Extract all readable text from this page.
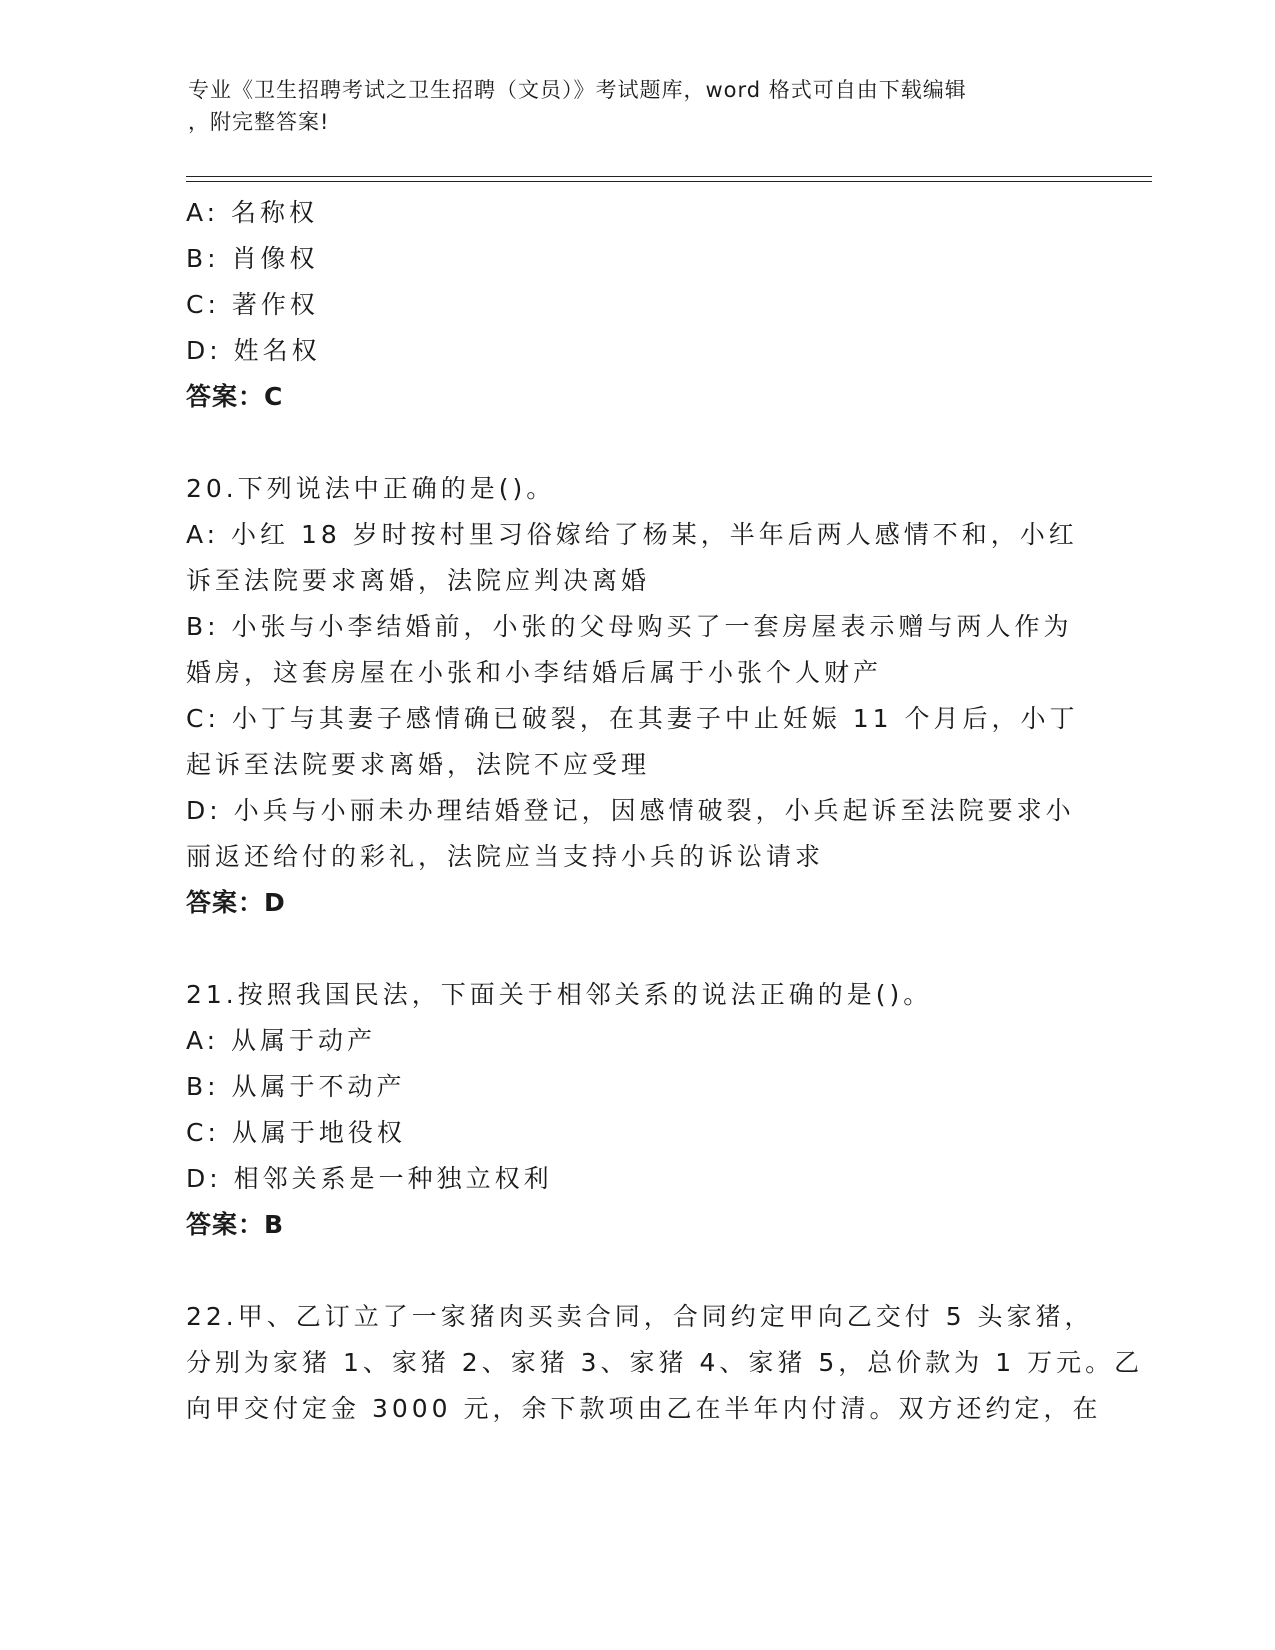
专业《卫生招聘考试之卫生招聘（文员）》考试题库，word 格式可自由下载编辑
，附完整答案!
A: 名称权
B: 肖像权
C: 著作权
D: 姓名权
答案：C
20.下列说法中正确的是()。
A: 小红 18 岁时按村里习俗嫁给了杨某，半年后两人感情不和，小红
诉至法院要求离婚，法院应判决离婚
B: 小张与小李结婚前，小张的父母购买了一套房屋表示赠与两人作为
婚房，这套房屋在小张和小李结婚后属于小张个人财产
C: 小丁与其妻子感情确已破裂，在其妻子中止妊娠 11 个月后，小丁
起诉至法院要求离婚，法院不应受理
D: 小兵与小丽未办理结婚登记，因感情破裂，小兵起诉至法院要求小
丽返还给付的彩礼，法院应当支持小兵的诉讼请求
答案：D
21.按照我国民法，下面关于相邻关系的说法正确的是()。
A: 从属于动产
B: 从属于不动产
C: 从属于地役权
D: 相邻关系是一种独立权利
答案：B
22.甲、乙订立了一家猪肉买卖合同，合同约定甲向乙交付 5 头家猪，
分别为家猪 1、家猪 2、家猪 3、家猪 4、家猪 5，总价款为 1 万元。乙
向甲交付定金 3000 元，余下款项由乙在半年内付清。双方还约定，在
